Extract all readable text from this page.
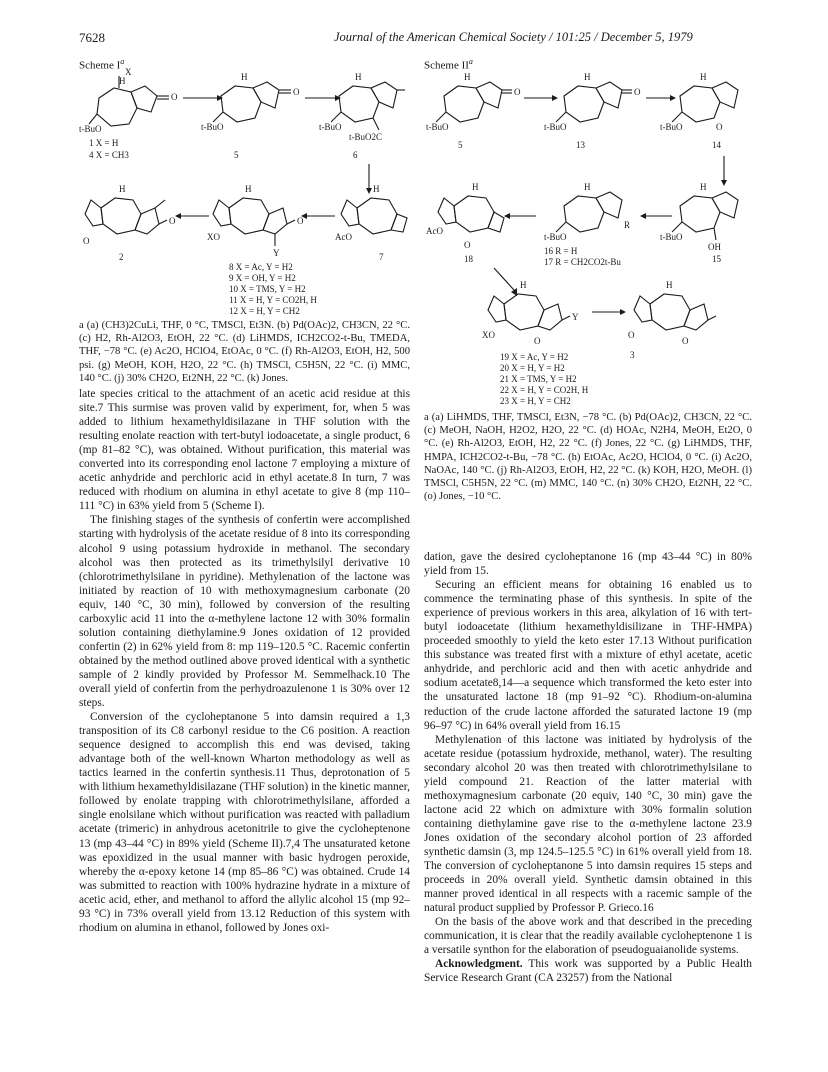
7628	Journal of the American Chemical Society / 101:25 / December 5, 1979
Scheme $I^a$
X
H
O
t-BuO
1 X = H
4 X = CH3
H
O
t-BuO
5
H
t-BuO
t-BuO2C
6
H
O
O
2
H
XO
O
Y
8 X = Ac, Y = H2
9 X = OH, Y = H2
10 X = TMS, Y = H2
11 X = H, Y = CO2H, H
12 X = H, Y = CH2
H
AcO
7
a (a) (CH3)2CuLi, THF, 0 °C, TMSCl, Et3N. (b) Pd(OAc)2, CH3CN, 22 °C. (c) H2, Rh-Al2O3, EtOH, 22 °C. (d) LiHMDS, ICH2CO2-t-Bu, TMEDA, THF, −78 °C. (e) Ac2O, HClO4, EtOAc, 0 °C. (f) Rh-Al2O3, EtOH, H2, 500 psi. (g) MeOH, KOH, H2O, 22 °C. (h) TMSCl, C5H5N, 22 °C. (i) MMC, 140 °C. (j) 30% CH2O, Et2NH, 22 °C. (k) Jones.
Scheme $II^a$
H
O
t-BuO
5
H
O
t-BuO
13
H
t-BuO	O
14
H
t-BuO
OH
15
H
t-BuO
R
16 R = H
17 R = CH2CO2t-Bu
H
AcO
O
18
H
XO
Y
O
19 X = Ac, Y = H2
20 X = H, Y = H2
21 X = TMS, Y = H2
22 X = H, Y = CO2H, H
23 X = H, Y = CH2
H
O
O
3
a (a) LiHMDS, THF, TMSCl, Et3N, −78 °C. (b) Pd(OAc)2, CH3CN, 22 °C. (c) MeOH, NaOH, H2O2, H2O, 22 °C. (d) HOAc, N2H4, MeOH, Et2O, 0 °C. (e) Rh-Al2O3, EtOH, H2, 22 °C. (f) Jones, 22 °C. (g) LiHMDS, THF, HMPA, ICH2CO2-t-Bu, −78 °C. (h) EtOAc, Ac2O, HClO4, 0 °C. (i) Ac2O, NaOAc, 140 °C. (j) Rh-Al2O3, EtOH, H2, 22 °C. (k) KOH, H2O, MeOH. (l) TMSCl, C5H5N, 22 °C. (m) MMC, 140 °C. (n) 30% CH2O, Et2NH, 22 °C. (o) Jones, −10 °C.

late species critical to the attachment of an acetic acid residue at this site.7 This surmise was proven valid by experiment, for, when 5 was added to lithium hexamethyldisilazane in THF solution with the resulting enolate reaction with tert-butyl iodoacetate, a single product, 6 (mp 81–82 °C), was obtained. Without purification, this material was converted into its corresponding enol lactone 7 employing a mixture of acetic anhydride and perchloric acid in ethyl acetate.8 In turn, 7 was reduced with rhodium on alumina in ethyl acetate to give 8 (mp 110–111 °C) in 63% yield from 5 (Scheme I).

The finishing stages of the synthesis of confertin were accomplished starting with hydrolysis of the acetate residue of 8 into its corresponding alcohol 9 using potassium hydroxide in methanol. The secondary alcohol was then protected as its trimethylsilyl derivative 10 (chlorotrimethylsilane in pyridine). Methylenation of the lactone was initiated by reaction of 10 with methoxymagnesium carbonate (20 equiv, 140 °C, 30 min), followed by conversion of the resulting carboxylic acid 11 into the α-methylene lactone 12 with 30% formalin solution containing diethylamine.9 Jones oxidation of 12 provided confertin (2) in 62% yield from 8: mp 119–120.5 °C. Racemic confertin obtained by the method outlined above proved identical with a synthetic sample of 2 kindly provided by Professor M. Semmelhack.10 The overall yield of confertin from the perhydroazulenone 1 is 30% over 12 steps.

Conversion of the cycloheptanone 5 into damsin required a 1,3 transposition of its C8 carbonyl residue to the C6 position. A reaction sequence designed to accomplish this end was devised, taking advantage both of the well-known Wharton methodology as well as tactics learned in the confertin synthesis.11 Thus, deprotonation of 5 with lithium hexamethyldisilazane (THF solution) in the kinetic manner, followed by enolate trapping with chlorotrimethylsilane, afforded a single enolsilane which without purification was reacted with palladium acetate (trimeric) in anhydrous acetonitrile to give the cycloheptenone 13 (mp 43–44 °C) in 89% yield (Scheme II).7,4 The unsaturated ketone was epoxidized in the usual manner with basic hydrogen peroxide, whereby the α-epoxy ketone 14 (mp 85–86 °C) was obtained. Crude 14 was submitted to reaction with 100% hydrazine hydrate in a mixture of acetic acid, ether, and methanol to afford the allylic alcohol 15 (mp 92–93 °C) in 73% overall yield from 13.12 Reduction of this system with rhodium on alumina in ethanol, followed by Jones oxi-

dation, gave the desired cycloheptanone 16 (mp 43–44 °C) in 80% yield from 15.

Securing an efficient means for obtaining 16 enabled us to commence the terminating phase of this synthesis. In spite of the experience of previous workers in this area, alkylation of 16 with tert-butyl iodoacetate (lithium hexamethyldisilizane in THF-HMPA) proceeded smoothly to yield the keto ester 17.13 Without purification this substance was treated first with a mixture of ethyl acetate, acetic anhydride, and perchloric acid and then with acetic anhydride and sodium acetate8,14—a sequence which transformed the keto ester into the unsaturated lactone 18 (mp 91–92 °C). Rhodium-on-alumina reduction of the crude lactone afforded the saturated lactone 19 (mp 96–97 °C) in 64% overall yield from 16.15

Methylenation of this lactone was initiated by hydrolysis of the acetate residue (potassium hydroxide, methanol, water). The resulting secondary alcohol 20 was then treated with chlorotrimethylsilane to yield compound 21. Reaction of the latter material with methoxymagnesium carbonate (20 equiv, 140 °C, 30 min) gave the lactone acid 22 which on admixture with 30% formalin solution containing diethylamine gave rise to the α-methylene lactone 23.9 Jones oxidation of the secondary alcohol portion of 23 afforded synthetic damsin (3, mp 124.5–125.5 °C) in 61% overall yield from 18. The conversion of cycloheptanone 5 into damsin requires 15 steps and proceeds in 20% overall yield. Synthetic damsin obtained in this manner proved identical in all respects with a racemic sample of the natural product supplied by Professor P. Grieco.16

On the basis of the above work and that described in the preceding communication, it is clear that the readily available cycloheptenone 1 is a versatile synthon for the elaboration of pseudoguaianolide systems.

Acknowledgment. This work was supported by a Public Health Service Research Grant (CA 23257) from the National
